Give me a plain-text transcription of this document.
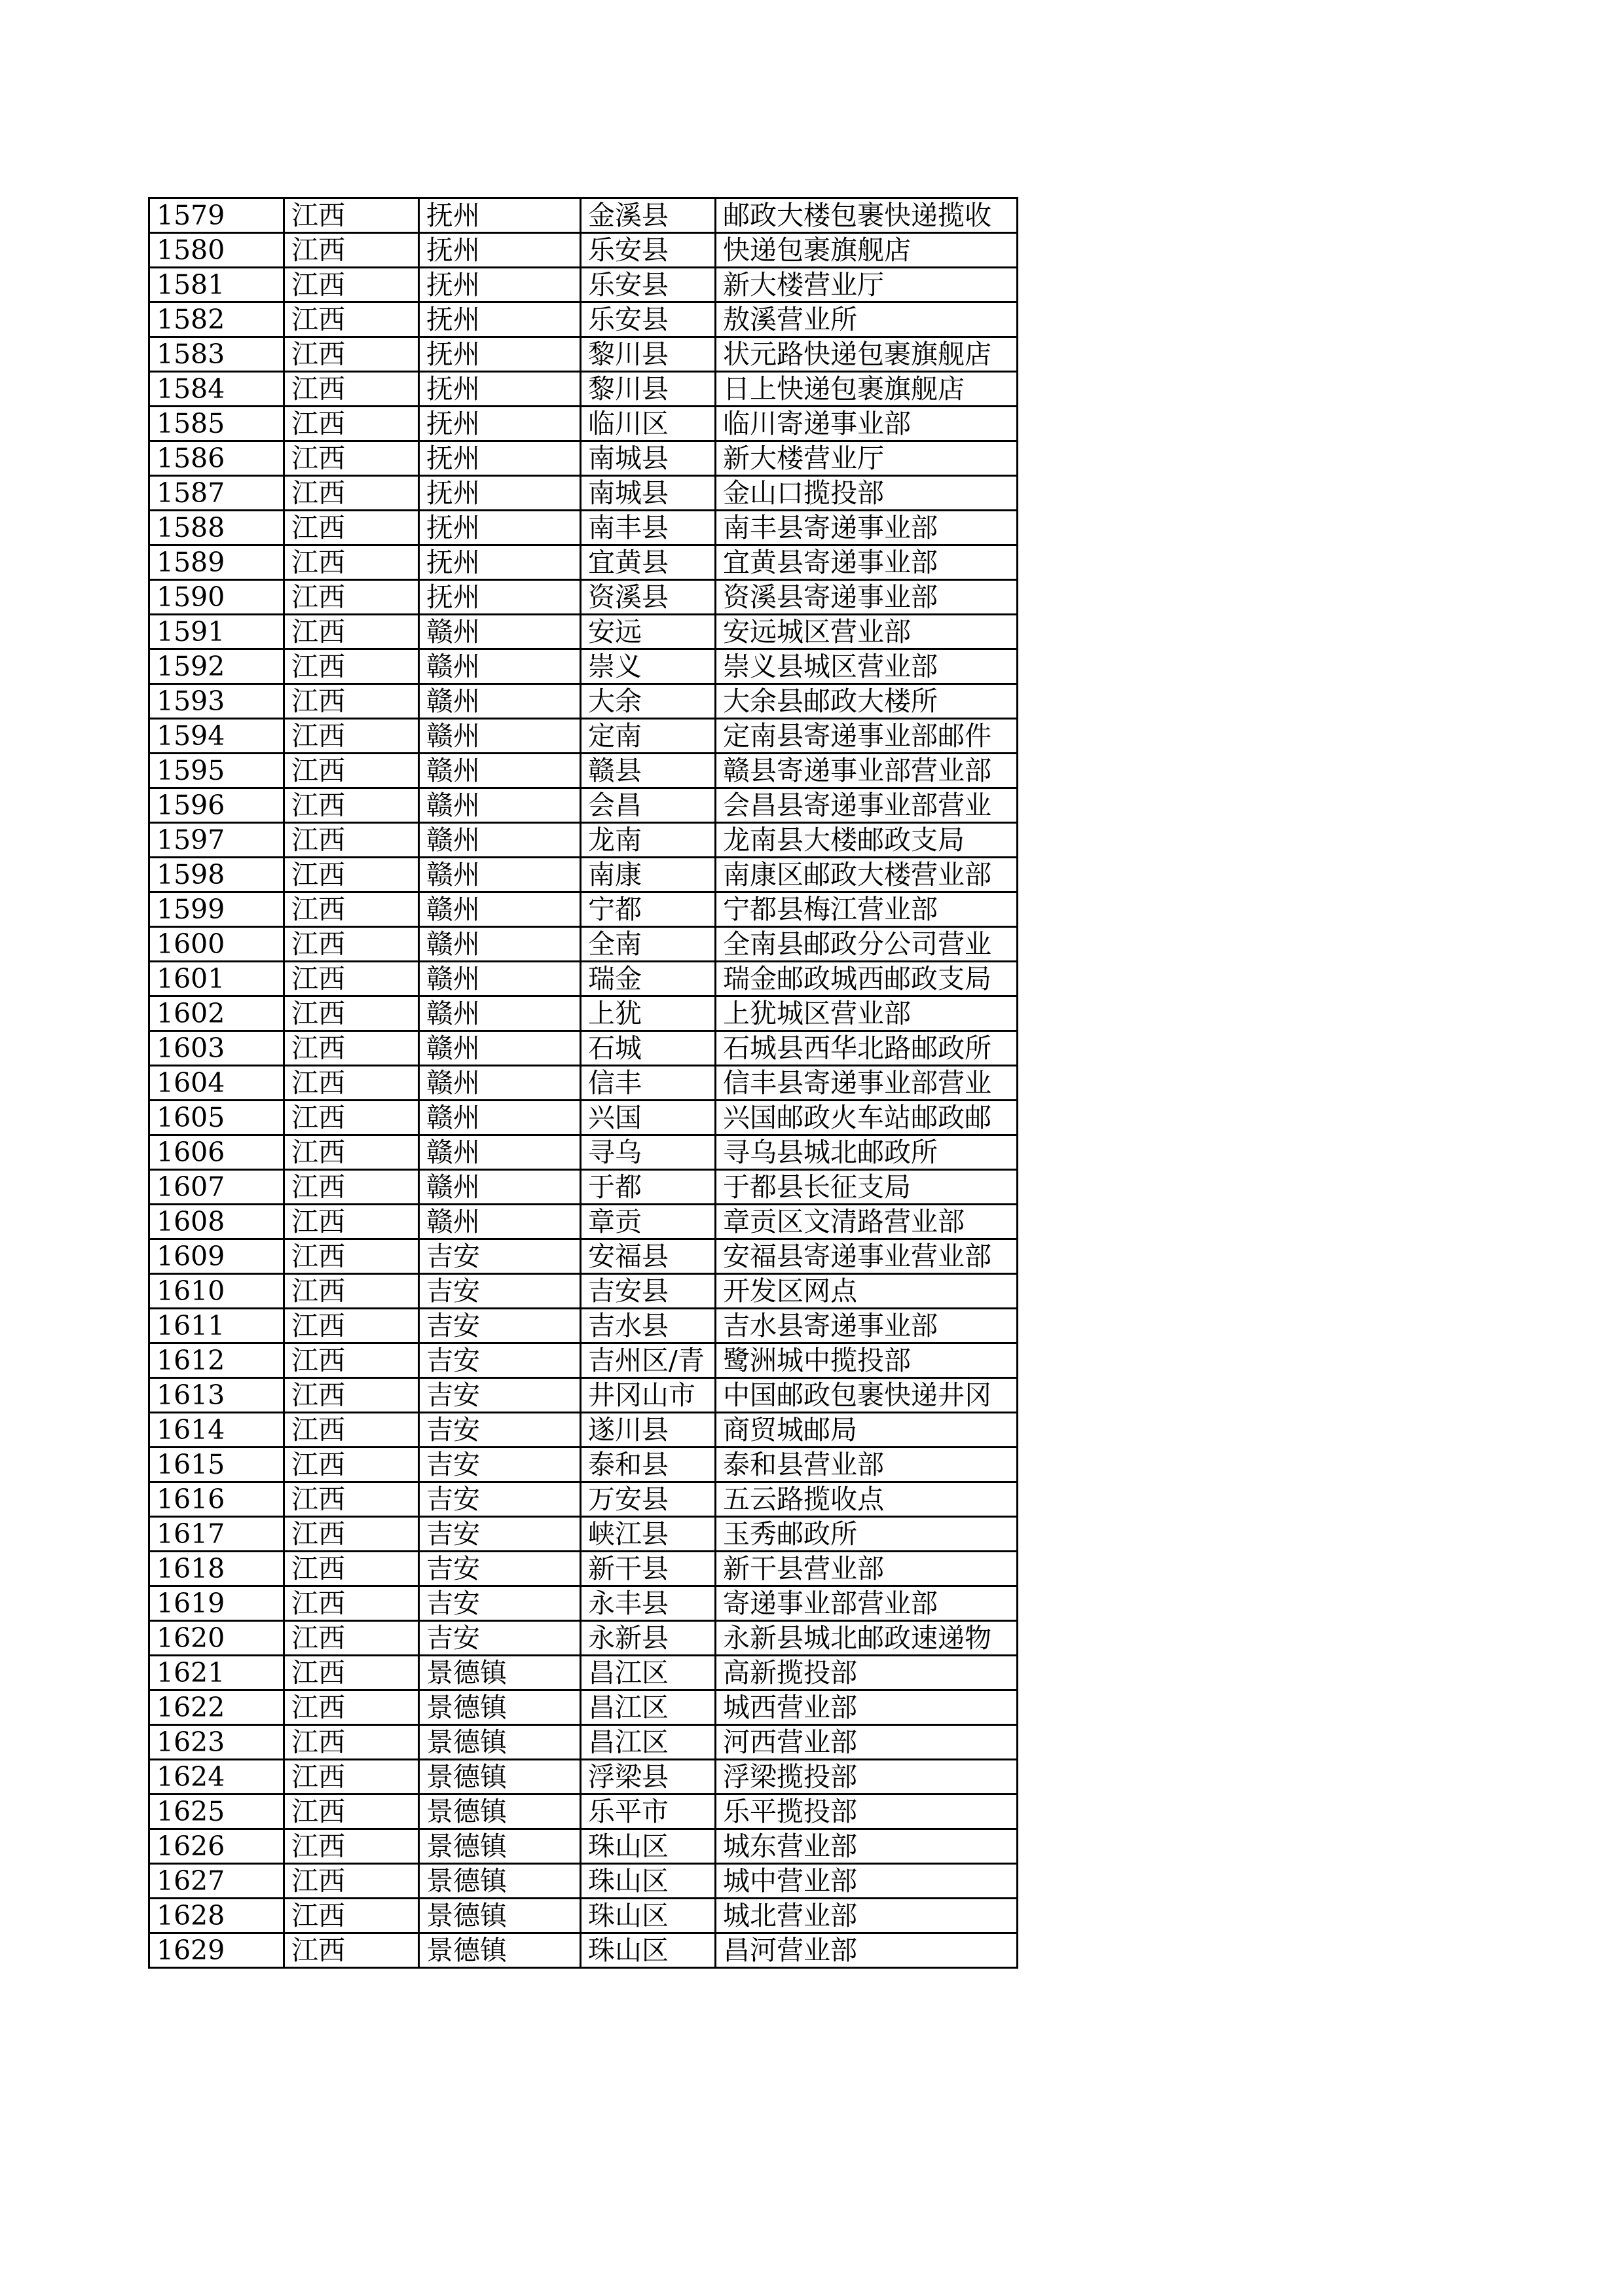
1579	江西	抚州	金溪县	邮政大楼包裹快递揽收
1580	江西	抚州	乐安县	快递包裹旗舰店
1581	江西	抚州	乐安县	新大楼营业厅
1582	江西	抚州	乐安县	敖溪营业所
1583	江西	抚州	黎川县	状元路快递包裹旗舰店
1584	江西	抚州	黎川县	日上快递包裹旗舰店
1585	江西	抚州	临川区	临川寄递事业部
1586	江西	抚州	南城县	新大楼营业厅
1587	江西	抚州	南城县	金山口揽投部
1588	江西	抚州	南丰县	南丰县寄递事业部
1589	江西	抚州	宜黄县	宜黄县寄递事业部
1590	江西	抚州	资溪县	资溪县寄递事业部
1591	江西	赣州	安远	安远城区营业部
1592	江西	赣州	崇义	崇义县城区营业部
1593	江西	赣州	大余	大余县邮政大楼所
1594	江西	赣州	定南	定南县寄递事业部邮件
1595	江西	赣州	赣县	赣县寄递事业部营业部
1596	江西	赣州	会昌	会昌县寄递事业部营业
1597	江西	赣州	龙南	龙南县大楼邮政支局
1598	江西	赣州	南康	南康区邮政大楼营业部
1599	江西	赣州	宁都	宁都县梅江营业部
1600	江西	赣州	全南	全南县邮政分公司营业
1601	江西	赣州	瑞金	瑞金邮政城西邮政支局
1602	江西	赣州	上犹	上犹城区营业部
1603	江西	赣州	石城	石城县西华北路邮政所
1604	江西	赣州	信丰	信丰县寄递事业部营业
1605	江西	赣州	兴国	兴国邮政火车站邮政邮
1606	江西	赣州	寻乌	寻乌县城北邮政所
1607	江西	赣州	于都	于都县长征支局
1608	江西	赣州	章贡	章贡区文清路营业部
1609	江西	吉安	安福县	安福县寄递事业营业部
1610	江西	吉安	吉安县	开发区网点
1611	江西	吉安	吉水县	吉水县寄递事业部
1612	江西	吉安	吉州区/青	鹭洲城中揽投部
1613	江西	吉安	井冈山市	中国邮政包裹快递井冈
1614	江西	吉安	遂川县	商贸城邮局
1615	江西	吉安	泰和县	泰和县营业部
1616	江西	吉安	万安县	五云路揽收点
1617	江西	吉安	峡江县	玉秀邮政所
1618	江西	吉安	新干县	新干县营业部
1619	江西	吉安	永丰县	寄递事业部营业部
1620	江西	吉安	永新县	永新县城北邮政速递物
1621	江西	景德镇	昌江区	高新揽投部
1622	江西	景德镇	昌江区	城西营业部
1623	江西	景德镇	昌江区	河西营业部
1624	江西	景德镇	浮梁县	浮梁揽投部
1625	江西	景德镇	乐平市	乐平揽投部
1626	江西	景德镇	珠山区	城东营业部
1627	江西	景德镇	珠山区	城中营业部
1628	江西	景德镇	珠山区	城北营业部
1629	江西	景德镇	珠山区	昌河营业部
